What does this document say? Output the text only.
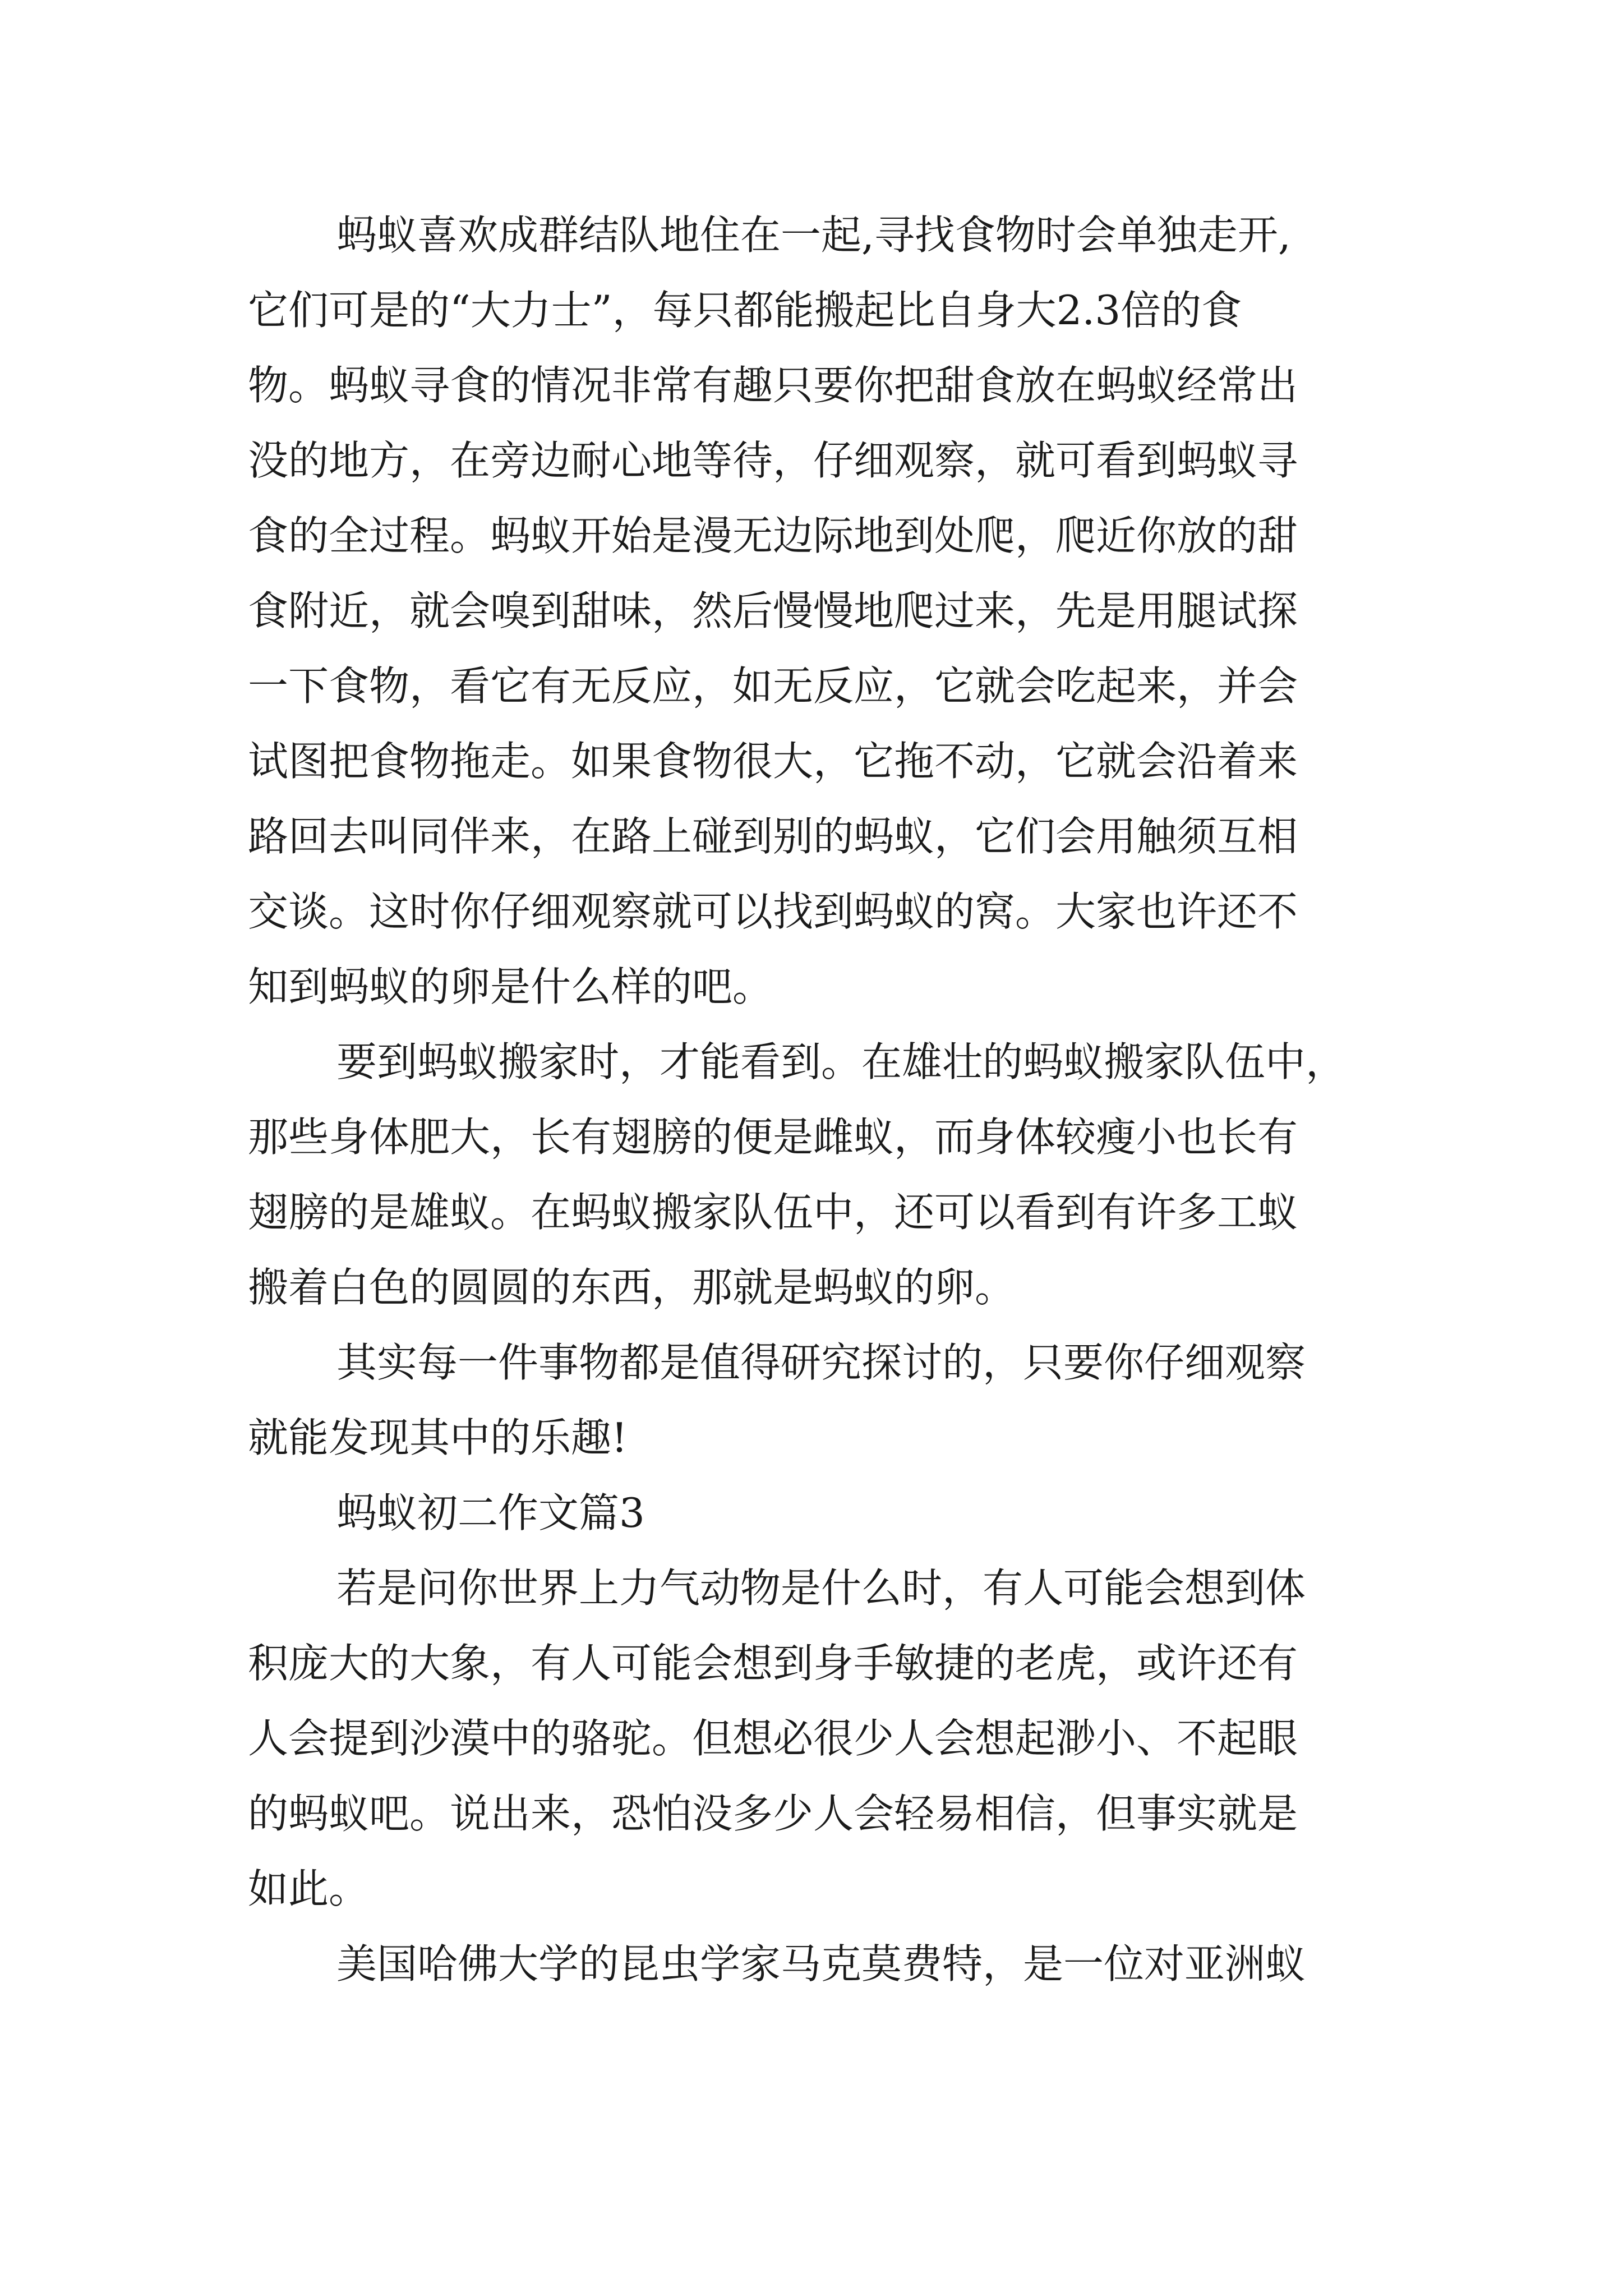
蚂蚁喜欢成群结队地住在一起,寻找食物时会单独走开,
它们可是的“大力士”，每只都能搬起比自身大2.3倍的食
物。蚂蚁寻食的情况非常有趣只要你把甜食放在蚂蚁经常出
没的地方，在旁边耐心地等待，仔细观察，就可看到蚂蚁寻
食的全过程。蚂蚁开始是漫无边际地到处爬，爬近你放的甜
食附近，就会嗅到甜味，然后慢慢地爬过来，先是用腿试探
一下食物，看它有无反应，如无反应，它就会吃起来，并会
试图把食物拖走。如果食物很大，它拖不动，它就会沿着来
路回去叫同伴来，在路上碰到别的蚂蚁，它们会用触须互相
交谈。这时你仔细观察就可以找到蚂蚁的窝。大家也许还不
知到蚂蚁的卵是什么样的吧。
要到蚂蚁搬家时，才能看到。在雄壮的蚂蚁搬家队伍中，
那些身体肥大，长有翅膀的便是雌蚁，而身体较瘦小也长有
翅膀的是雄蚁。在蚂蚁搬家队伍中，还可以看到有许多工蚁
搬着白色的圆圆的东西，那就是蚂蚁的卵。
其实每一件事物都是值得研究探讨的，只要你仔细观察
就能发现其中的乐趣!
蚂蚁初二作文篇3
若是问你世界上力气动物是什么时，有人可能会想到体
积庞大的大象，有人可能会想到身手敏捷的老虎，或许还有
人会提到沙漠中的骆驼。但想必很少人会想起渺小、不起眼
的蚂蚁吧。说出来，恐怕没多少人会轻易相信，但事实就是
如此。
美国哈佛大学的昆虫学家马克莫费特，是一位对亚洲蚁
